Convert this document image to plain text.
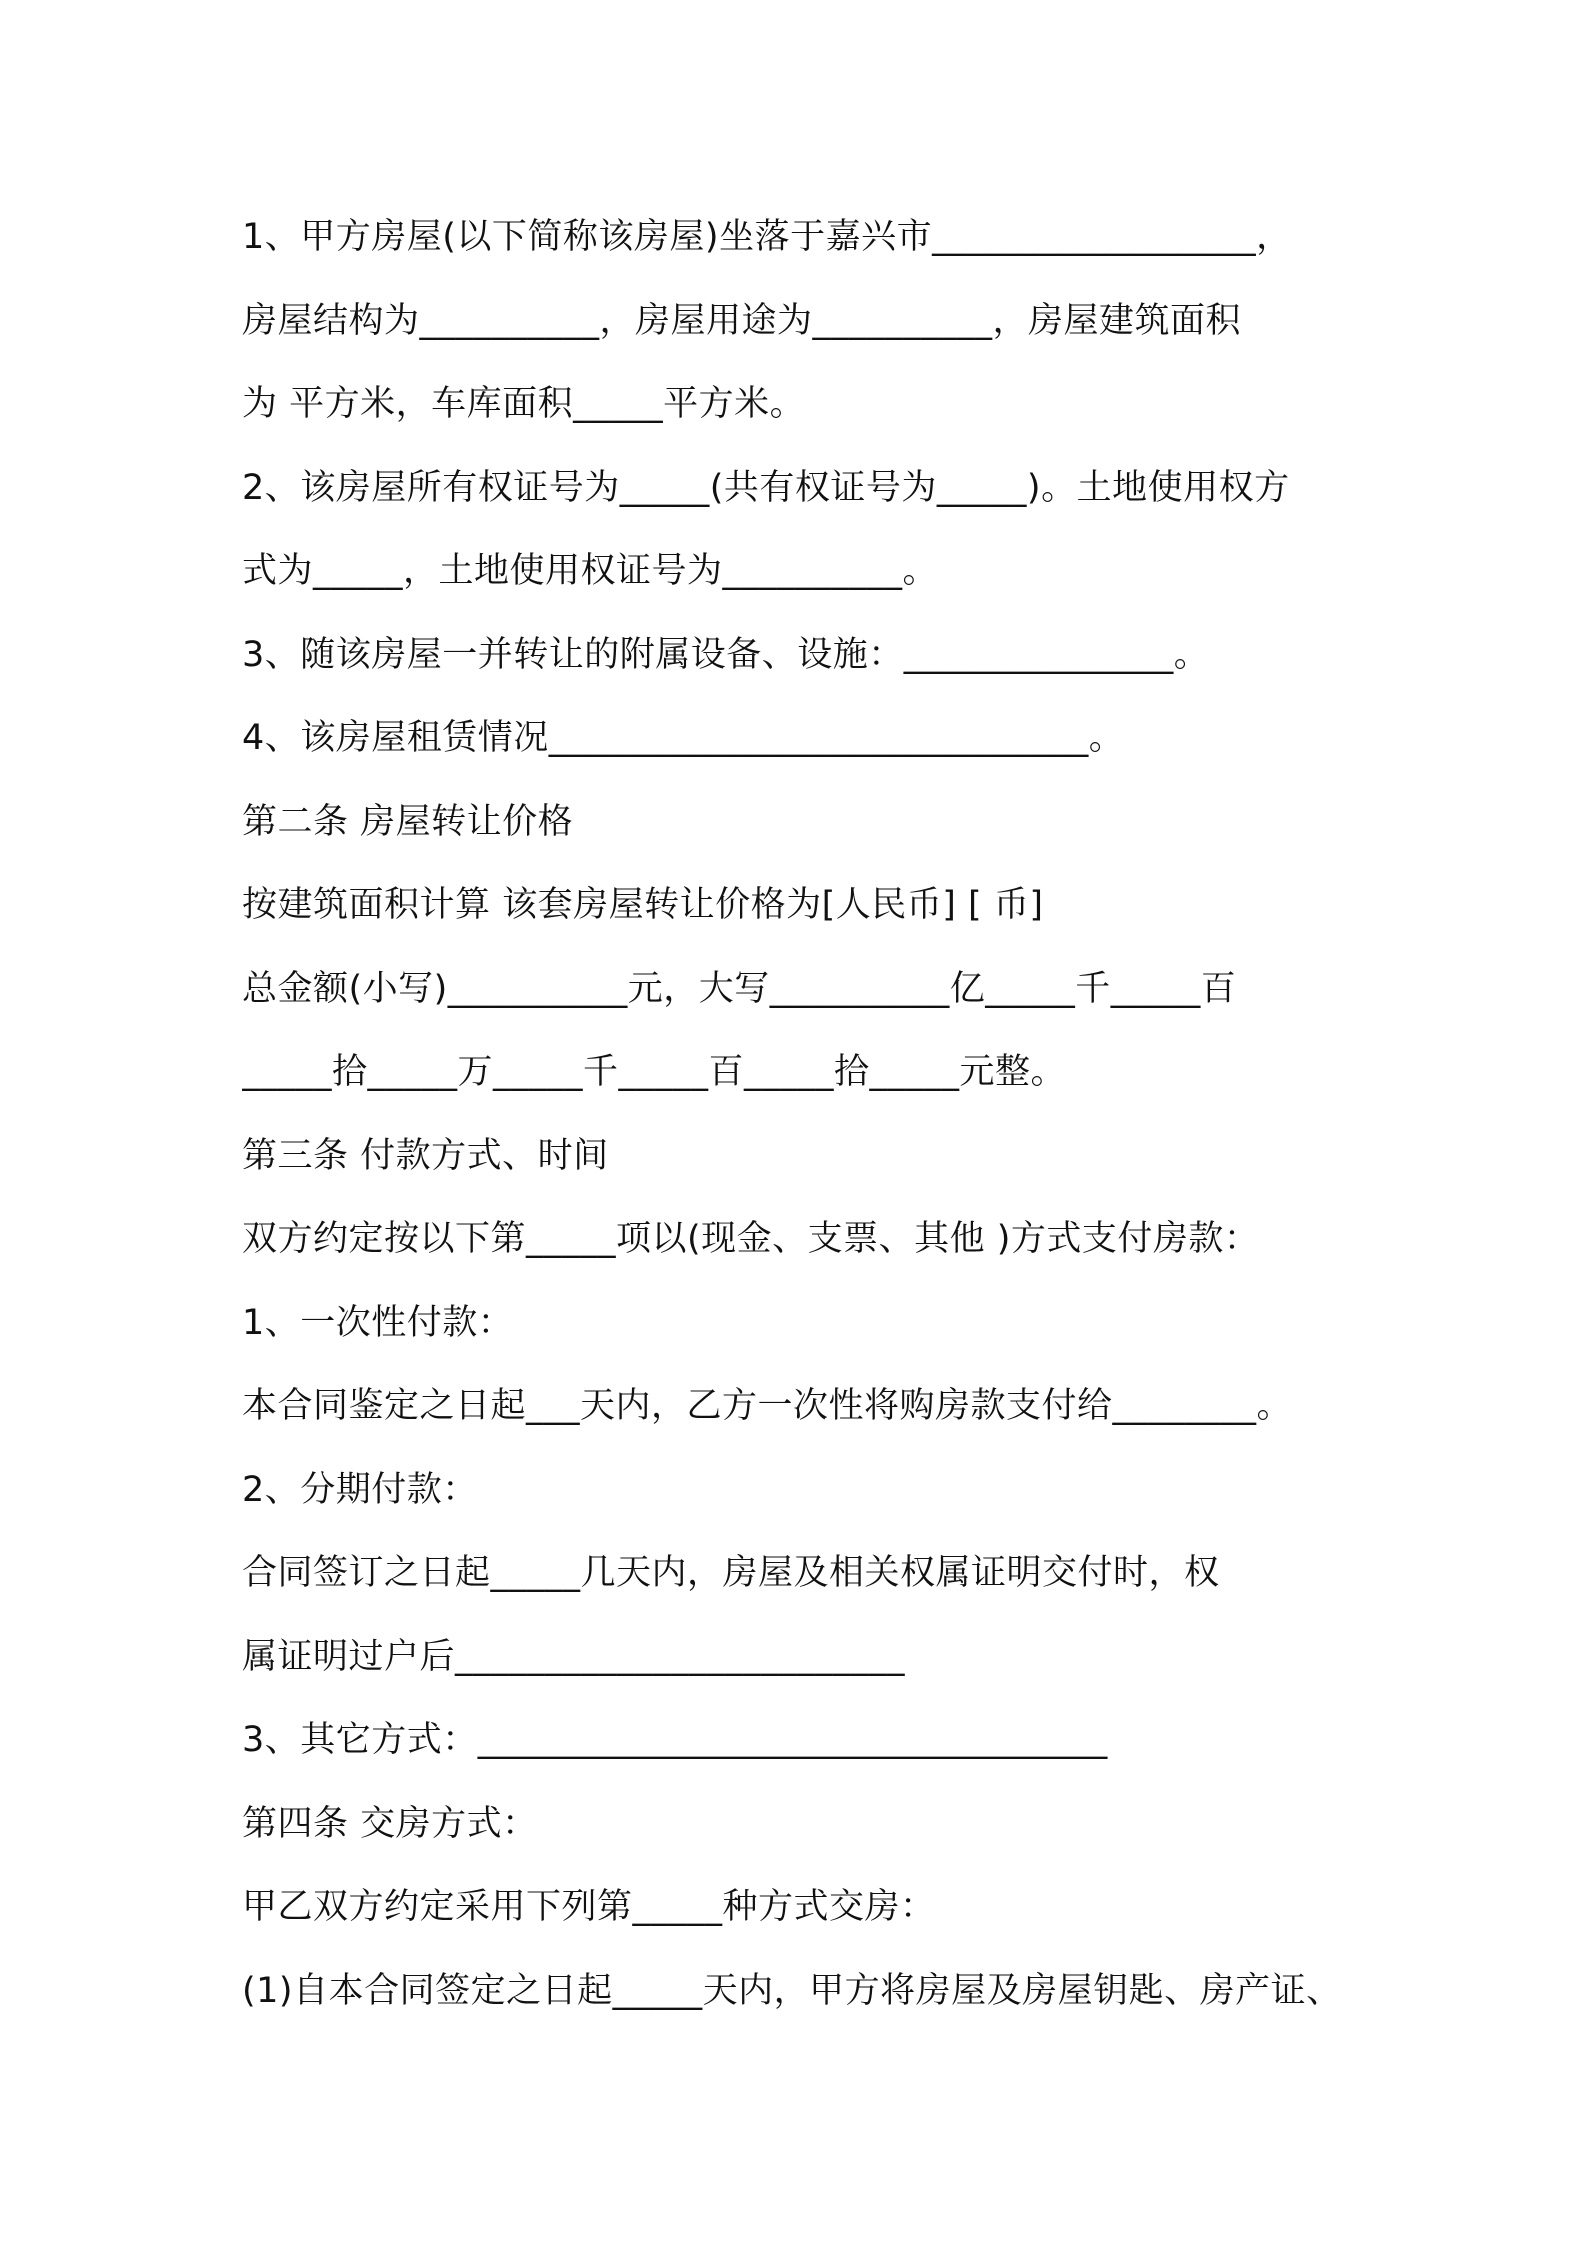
1、甲方房屋(以下简称该房屋)坐落于嘉兴市__________________，
房屋结构为__________，房屋用途为__________，房屋建筑面积
为 平方米，车库面积_____平方米。
2、该房屋所有权证号为_____(共有权证号为_____)。土地使用权方
式为_____，土地使用权证号为__________。
3、随该房屋一并转让的附属设备、设施：_______________。
4、该房屋租赁情况______________________________。
第二条 房屋转让价格
按建筑面积计算 该套房屋转让价格为[人民币] [ 币]
总金额(小写)__________元，大写__________亿_____千_____百
_____拾_____万_____千_____百_____拾_____元整。
第三条 付款方式、时间
双方约定按以下第_____项以(现金、支票、其他 )方式支付房款：
1、一次性付款：
本合同鉴定之日起___天内，乙方一次性将购房款支付给________。
2、分期付款：
合同签订之日起_____几天内，房屋及相关权属证明交付时，权
属证明过户后_________________________
3、其它方式：___________________________________
第四条 交房方式：
甲乙双方约定采用下列第_____种方式交房：
(1)自本合同签定之日起_____天内，甲方将房屋及房屋钥匙、房产证、
